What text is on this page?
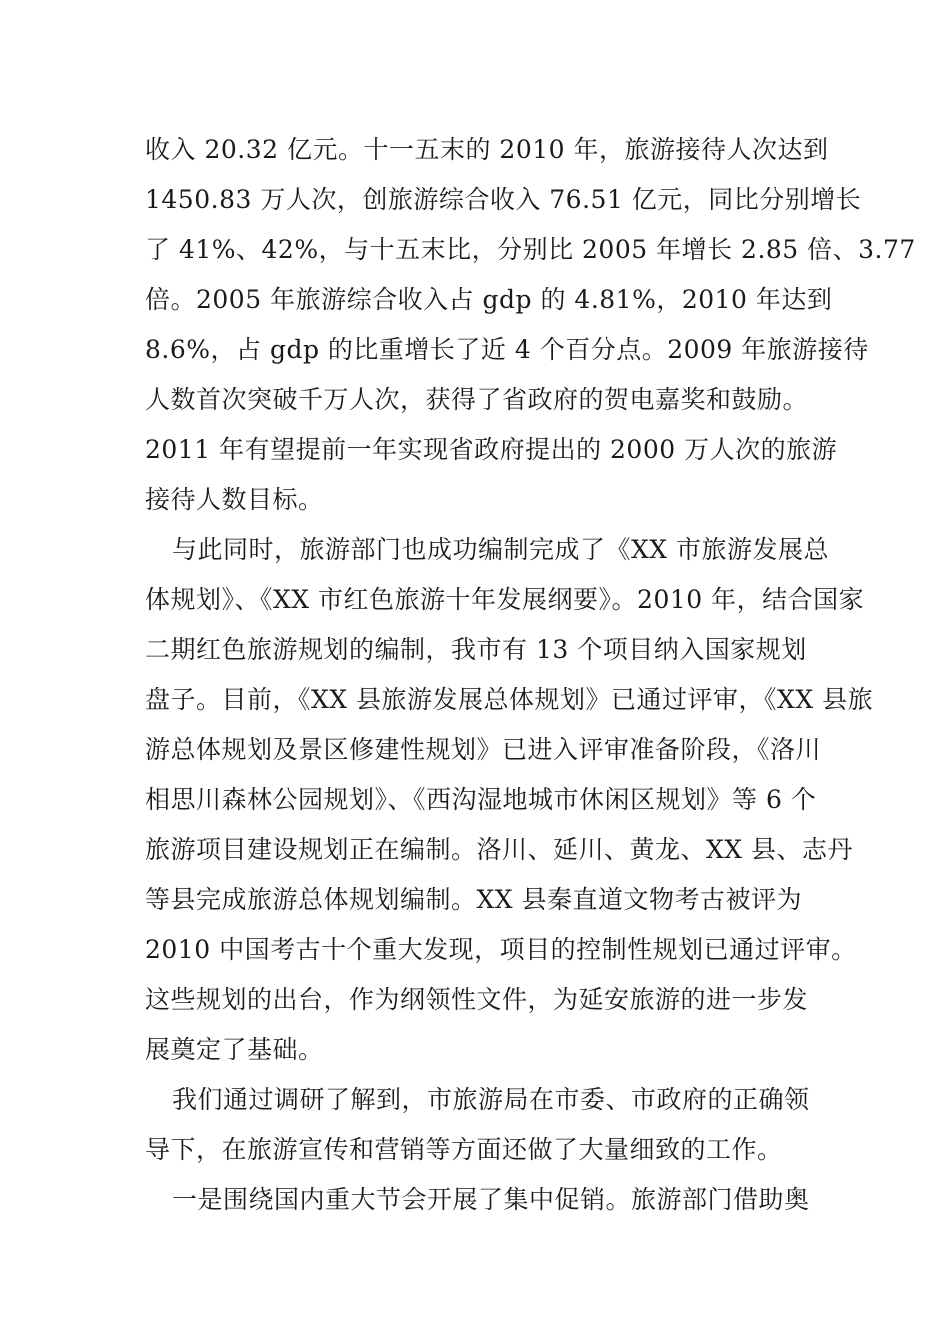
收入 20.32 亿元。十一五末的 2010 年，旅游接待人次达到
1450.83 万人次，创旅游综合收入 76.51 亿元，同比分别增长
了 41%、42%，与十五末比，分别比 2005 年增长 2.85 倍、3.77
倍。2005 年旅游综合收入占 gdp 的 4.81%，2010 年达到
8.6%，占 gdp 的比重增长了近 4 个百分点。2009 年旅游接待
人数首次突破千万人次，获得了省政府的贺电嘉奖和鼓励。
2011 年有望提前一年实现省政府提出的 2000 万人次的旅游
接待人数目标。
与此同时，旅游部门也成功编制完成了《XX 市旅游发展总
体规划》、《XX 市红色旅游十年发展纲要》。2010 年，结合国家
二期红色旅游规划的编制，我市有 13 个项目纳入国家规划
盘子。目前，《XX 县旅游发展总体规划》已通过评审，《XX 县旅
游总体规划及景区修建性规划》已进入评审准备阶段，《洛川
相思川森林公园规划》、《西沟湿地城市休闲区规划》等 6 个
旅游项目建设规划正在编制。洛川、延川、黄龙、XX 县、志丹
等县完成旅游总体规划编制。XX 县秦直道文物考古被评为
2010 中国考古十个重大发现，项目的控制性规划已通过评审。
这些规划的出台，作为纲领性文件，为延安旅游的进一步发
展奠定了基础。
我们通过调研了解到，市旅游局在市委、市政府的正确领
导下，在旅游宣传和营销等方面还做了大量细致的工作。
一是围绕国内重大节会开展了集中促销。旅游部门借助奥
